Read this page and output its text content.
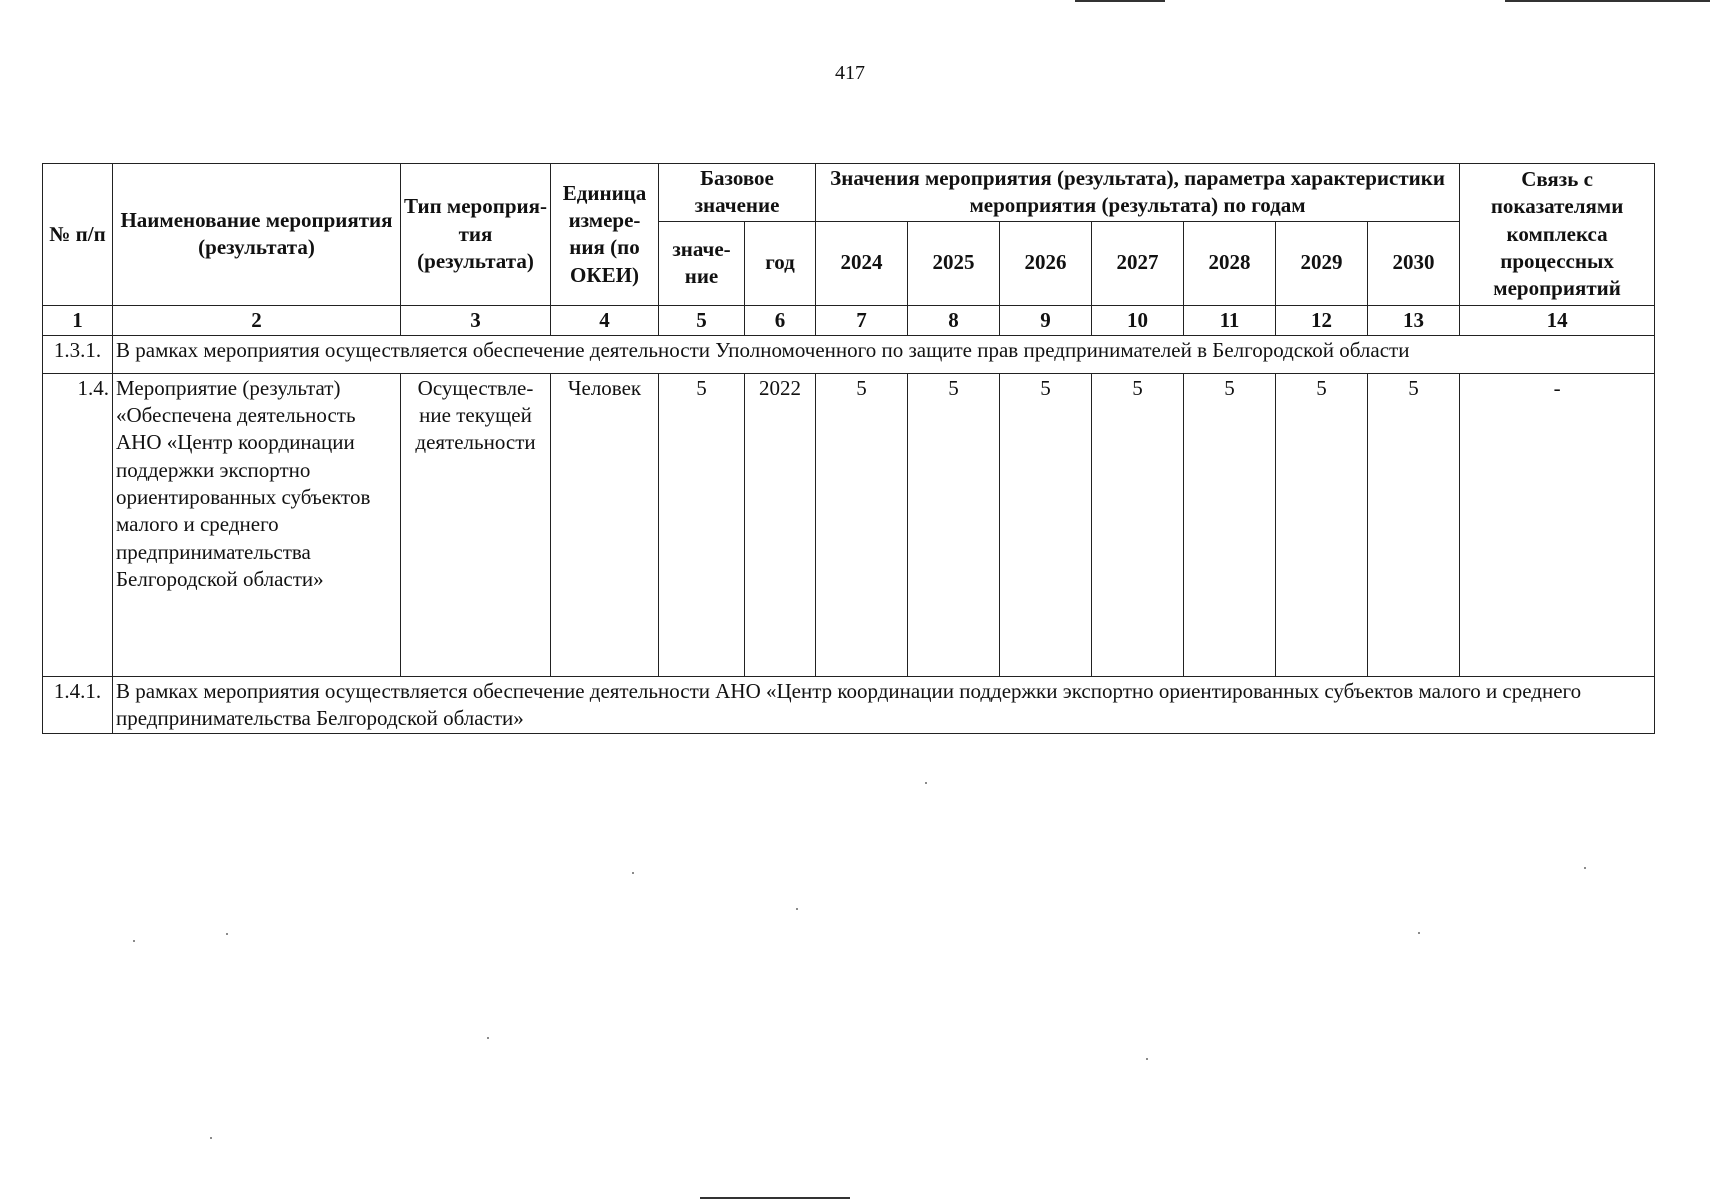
417
№ п/п	Наименование мероприятия (результата)	Тип мероприя-тия (результата)	Единица измере-ния (по ОКЕИ)	Базовое значение		Значения мероприятия (результата), параметра характеристики мероприятия (результата) по годам							Связь с показателями комплекса процессных мероприятий
				значе-ние	год	2024	2025	2026	2027	2028	2029	2030	
1	2	3	4	5	6	7	8	9	10	11	12	13	14
1.3.1.	В рамках мероприятия осуществляется обеспечение деятельности Уполномоченного по защите прав предпринимателей в Белгородской области												
1.4.	Мероприятие (результат) «Обеспечена деятельность АНО «Центр координации поддержки экспортно ориентированных субъектов малого и среднего предпринимательства Белгородской области»	Осуществле-ние текущей деятельности	Человек	5	2022	5	5	5	5	5	5	5	-
1.4.1.	В рамках мероприятия осуществляется обеспечение деятельности АНО «Центр координации поддержки экспортно ориентированных субъектов малого и среднего предпринимательства Белгородской области»												
